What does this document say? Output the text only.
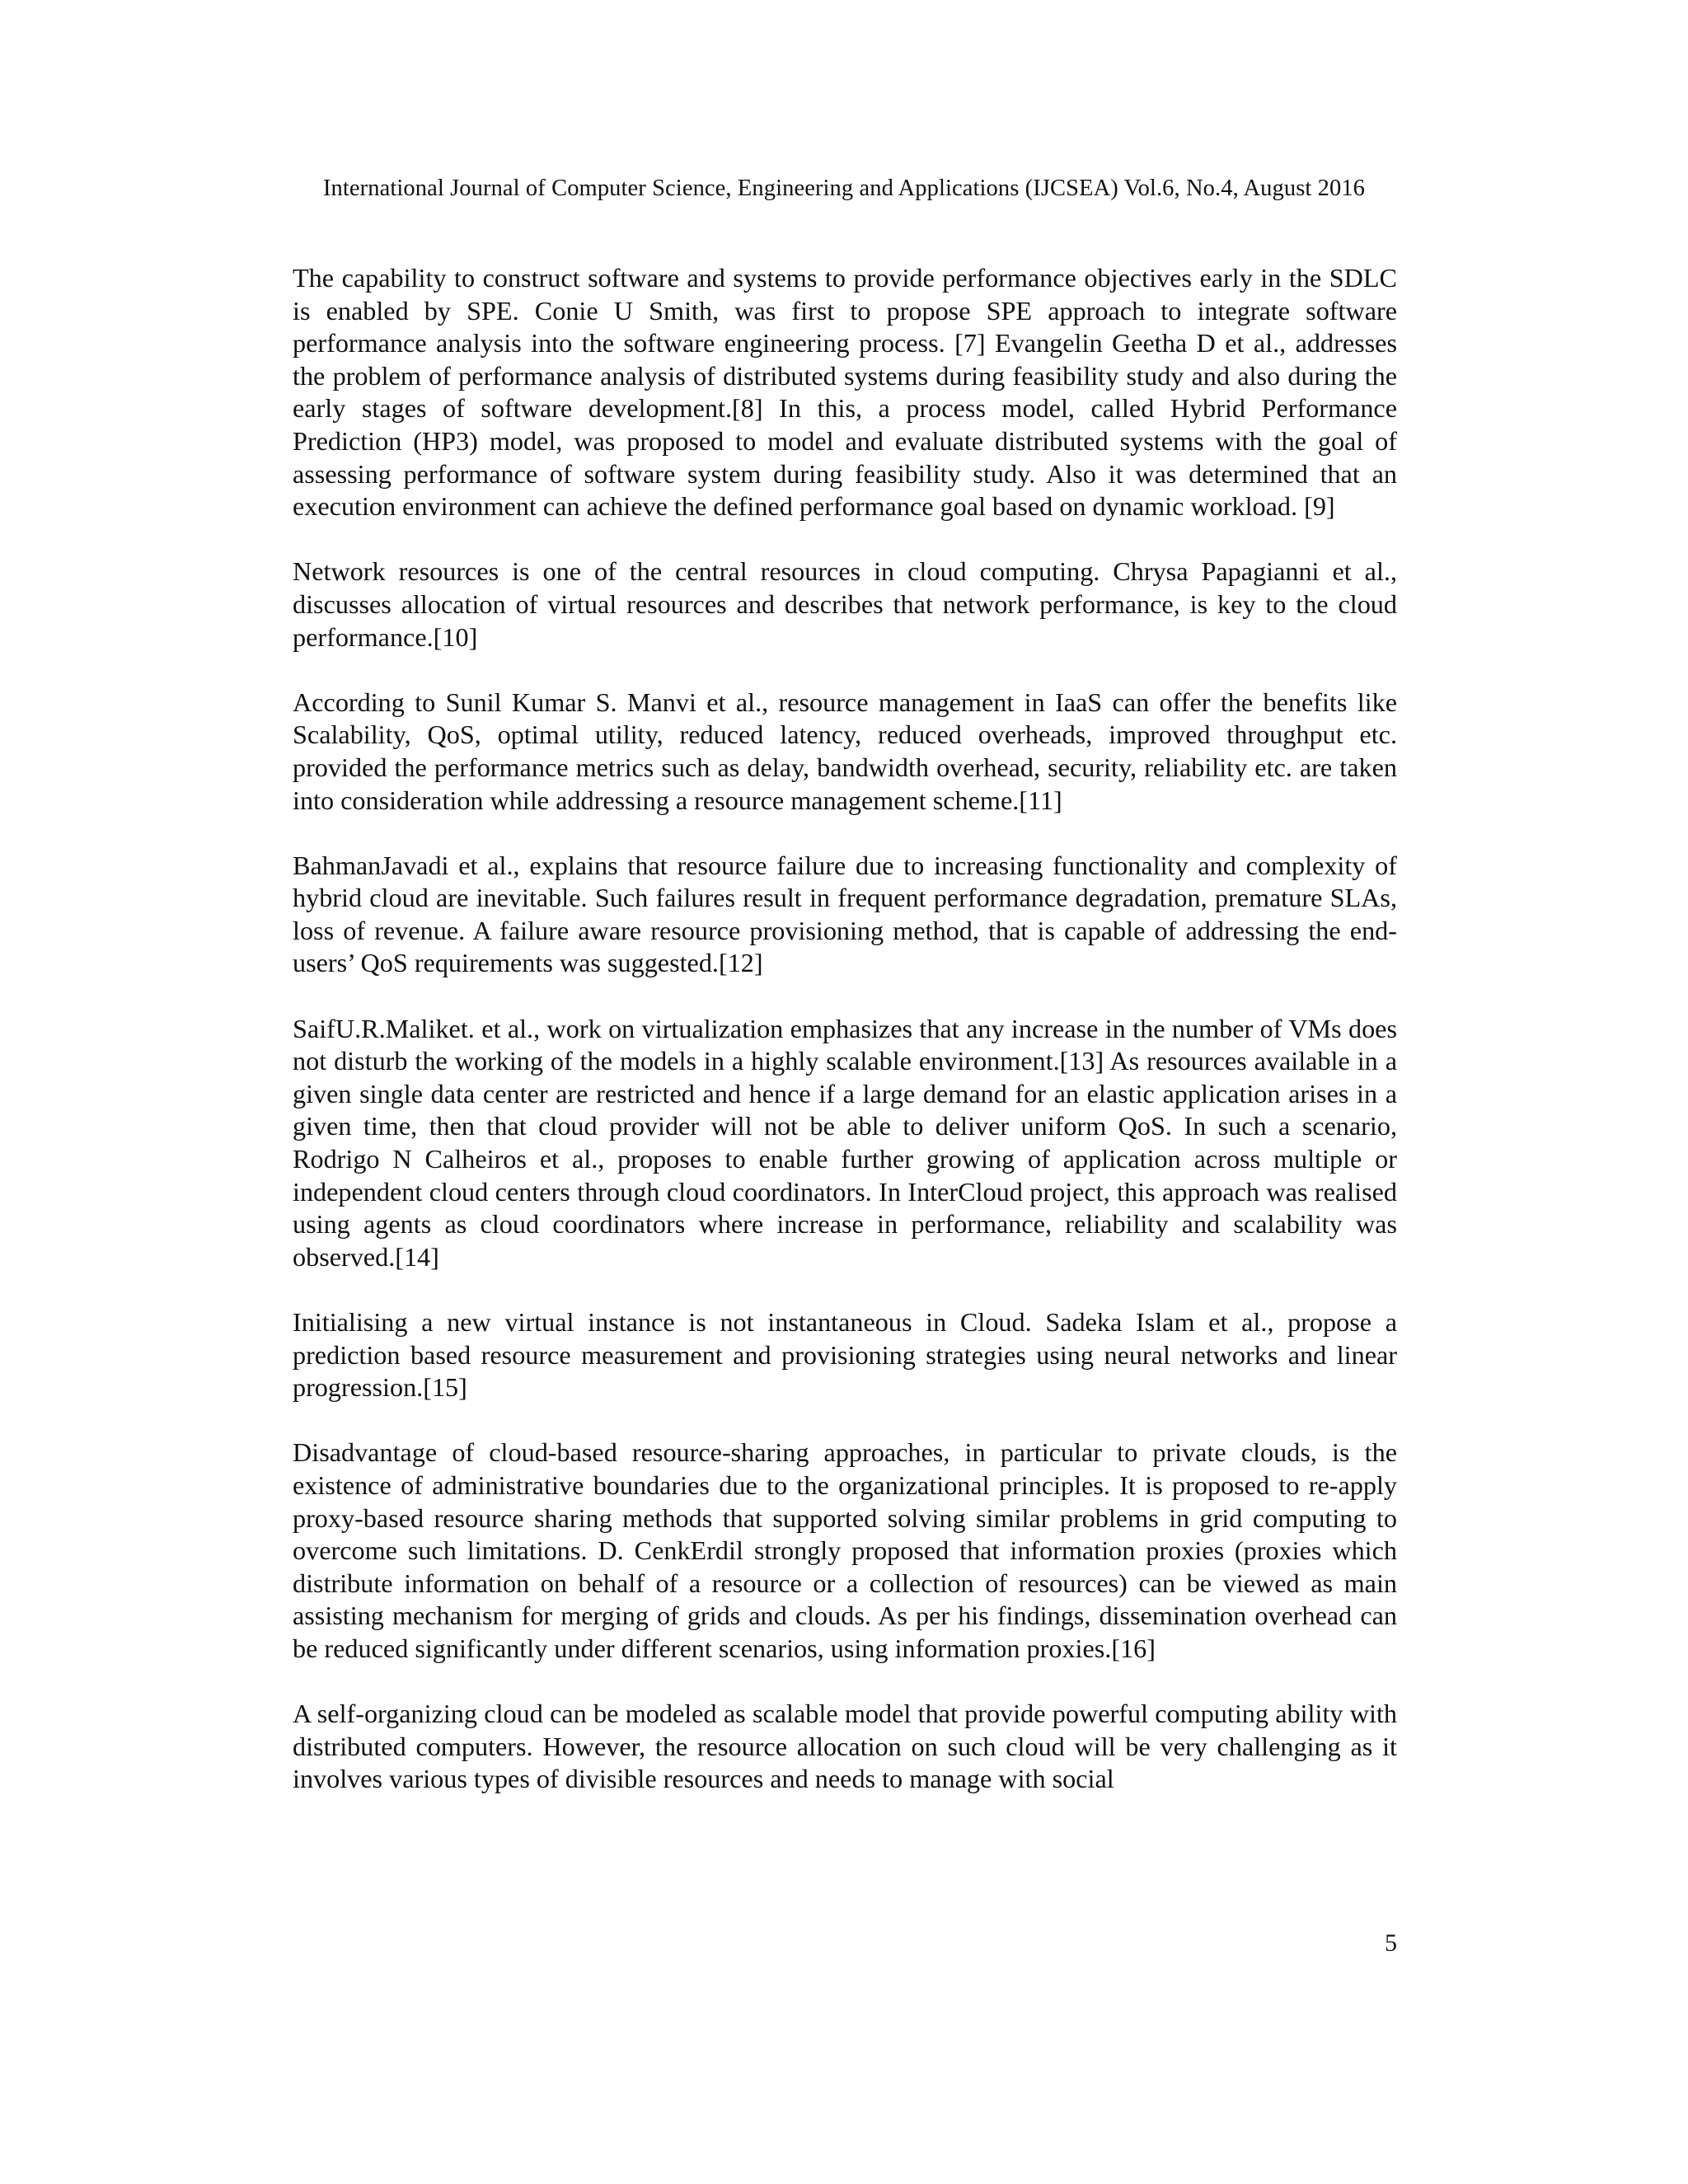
International Journal of Computer Science, Engineering and Applications (IJCSEA) Vol.6, No.4, August 2016

The capability to construct software and systems to provide performance objectives early in the SDLC is enabled by SPE. Conie U Smith, was first to propose SPE approach to integrate software performance analysis into the software engineering process. [7] Evangelin Geetha D et al., addresses the problem of performance analysis of distributed systems during feasibility study and also during the early stages of software development.[8] In this, a process model, called Hybrid Performance Prediction (HP3) model, was proposed to model and evaluate distributed systems with the goal of assessing performance of software system during feasibility study. Also it was determined that an execution environment can achieve the defined performance goal based on dynamic workload. [9]

Network resources is one of the central resources in cloud computing. Chrysa Papagianni et al., discusses allocation of virtual resources and describes that network performance, is key to the cloud performance.[10]

According to Sunil Kumar S. Manvi et al., resource management in IaaS can offer the benefits like Scalability, QoS, optimal utility, reduced latency, reduced overheads, improved throughput etc. provided the performance metrics such as delay, bandwidth overhead, security, reliability etc. are taken into consideration while addressing a resource management scheme.[11]

BahmanJavadi et al., explains that resource failure due to increasing functionality and complexity of hybrid cloud are inevitable. Such failures result in frequent performance degradation, premature SLAs, loss of revenue. A failure aware resource provisioning method, that is capable of addressing the end-users’ QoS requirements was suggested.[12]

SaifU.R.Maliket. et al., work on virtualization emphasizes that any increase in the number of VMs does not disturb the working of the models in a highly scalable environment.[13] As resources available in a given single data center are restricted and hence if a large demand for an elastic application arises in a given time, then that cloud provider will not be able to deliver uniform QoS. In such a scenario, Rodrigo N Calheiros et al., proposes to enable further growing of application across multiple or independent cloud centers through cloud coordinators. In InterCloud project, this approach was realised using agents as cloud coordinators where increase in performance, reliability and scalability was observed.[14]

Initialising a new virtual instance is not instantaneous in Cloud. Sadeka Islam et al., propose a prediction based resource measurement and provisioning strategies using neural networks and linear progression.[15]

Disadvantage of cloud-based resource-sharing approaches, in particular to private clouds, is the existence of administrative boundaries due to the organizational principles. It is proposed to re-apply proxy-based resource sharing methods that supported solving similar problems in grid computing to overcome such limitations. D. CenkErdil strongly proposed that information proxies (proxies which distribute information on behalf of a resource or a collection of resources) can be viewed as main assisting mechanism for merging of grids and clouds. As per his findings, dissemination overhead can be reduced significantly under different scenarios, using information proxies.[16]

A self-organizing cloud can be modeled as scalable model that provide powerful computing ability with distributed computers. However, the resource allocation on such cloud will be very challenging as it involves various types of divisible resources and needs to manage with social

5
